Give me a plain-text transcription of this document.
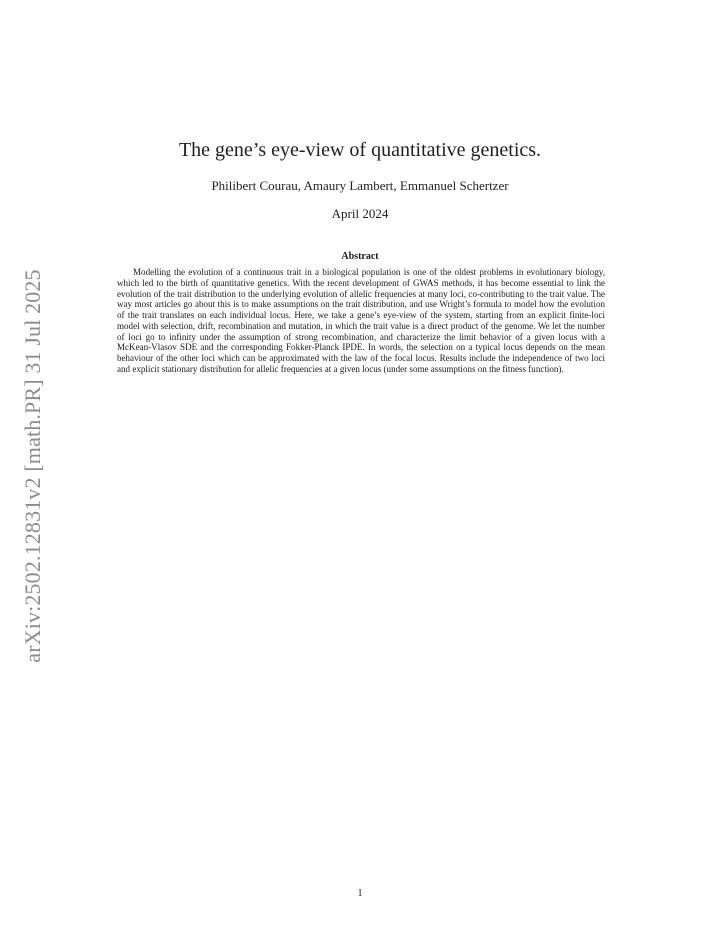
arXiv:2502.12831v2 [math.PR] 31 Jul 2025
The gene’s eye-view of quantitative genetics.
Philibert Courau, Amaury Lambert, Emmanuel Schertzer
April 2024
Abstract

Modelling the evolution of a continuous trait in a biological population is one of the oldest problems in evolutionary biology, which led to the birth of quantitative genetics. With the recent development of GWAS methods, it has become essential to link the evolution of the trait distribution to the underlying evolution of allelic frequencies at many loci, co-contributing to the trait value. The way most articles go about this is to make assumptions on the trait distribution, and use Wright’s formula to model how the evolution of the trait translates on each individual locus. Here, we take a gene’s eye-view of the system, starting from an explicit finite-loci model with selection, drift, recombination and mutation, in which the trait value is a direct product of the genome. We let the number of loci go to infinity under the assumption of strong recombination, and characterize the limit behavior of a given locus with a McKean-Vlasov SDE and the corresponding Fokker-Planck IPDE. In words, the selection on a typical locus depends on the mean behaviour of the other loci which can be approximated with the law of the focal locus. Results include the independence of two loci and explicit stationary distribution for allelic frequencies at a given locus (under some assumptions on the fitness function).

1
